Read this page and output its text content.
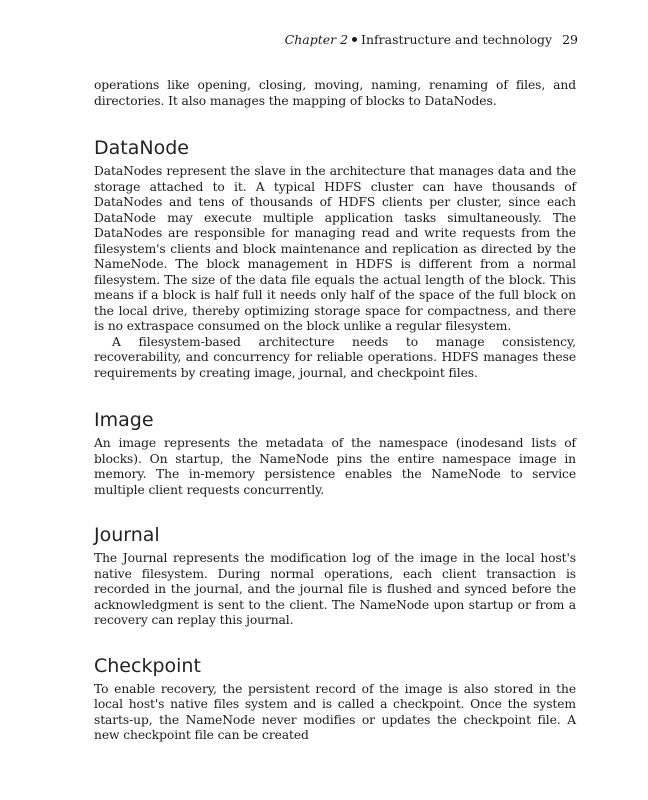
Chapter 2 Infrastructure and technology 29

operations like opening, closing, moving, naming, renaming of files, and directories. It also manages the mapping of blocks to DataNodes.

DataNode

DataNodes represent the slave in the architecture that manages data and the storage attached to it. A typical HDFS cluster can have thousands of DataNodes and tens of thousands of HDFS clients per cluster, since each DataNode may execute multiple application tasks simultaneously. The DataNodes are responsible for managing read and write requests from the filesystem's clients and block maintenance and replication as directed by the NameNode. The block management in HDFS is different from a normal filesystem. The size of the data file equals the actual length of the block. This means if a block is half full it needs only half of the space of the full block on the local drive, thereby optimizing storage space for compactness, and there is no extraspace consumed on the block unlike a regular filesystem.

A filesystem-based architecture needs to manage consistency, recoverability, and concurrency for reliable operations. HDFS manages these requirements by creating image, journal, and checkpoint files.

Image

An image represents the metadata of the namespace (inodesand lists of blocks). On startup, the NameNode pins the entire namespace image in memory. The in-memory persistence enables the NameNode to service multiple client requests concurrently.

Journal

The Journal represents the modification log of the image in the local host's native filesystem. During normal operations, each client transaction is recorded in the journal, and the journal file is flushed and synced before the acknowledgment is sent to the client. The NameNode upon startup or from a recovery can replay this journal.

Checkpoint

To enable recovery, the persistent record of the image is also stored in the local host's native files system and is called a checkpoint. Once the system starts-up, the NameNode never modifies or updates the checkpoint file. A new checkpoint file can be created
